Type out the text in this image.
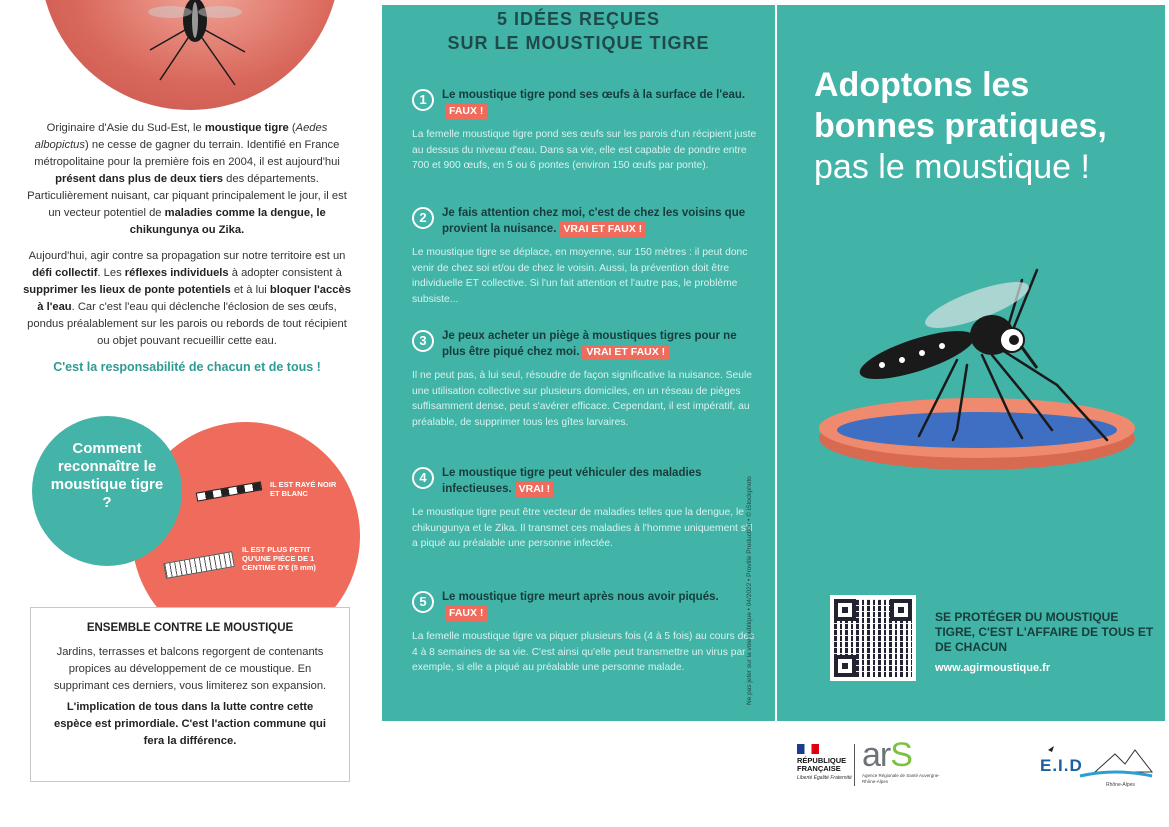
Originaire d'Asie du Sud-Est, le moustique tigre (Aedes albopictus) ne cesse de gagner du terrain. Identifié en France métropolitaine pour la première fois en 2004, il est aujourd'hui présent dans plus de deux tiers des départements. Particulièrement nuisant, car piquant principalement le jour, il est un vecteur potentiel de maladies comme la dengue, le chikungunya ou Zika.

Aujourd'hui, agir contre sa propagation sur notre territoire est un défi collectif. Les réflexes individuels à adopter consistent à supprimer les lieux de ponte potentiels et à lui bloquer l'accès à l'eau. Car c'est l'eau qui déclenche l'éclosion de ses œufs, pondus préalablement sur les parois ou rebords de tout récipient ou objet pouvant recueillir cette eau.

C'est la responsabilité de chacun et de tous !

Comment reconnaître le moustique tigre ?
IL EST RAYÉ NOIR ET BLANC
IL EST PLUS PETIT QU'UNE PIÈCE DE 1 CENTIME D'€ (5 mm)
ENSEMBLE CONTRE LE MOUSTIQUE

Jardins, terrasses et balcons regorgent de contenants propices au développement de ce moustique. En supprimant ces derniers, vous limiterez son expansion.

L'implication de tous dans la lutte contre cette espèce est primordiale. C'est l'action commune qui fera la différence.

5 IDÉES REÇUES
SUR LE MOUSTIQUE TIGRE
1	Le moustique tigre pond ses œufs à la surface de l'eau.FAUX !
La femelle moustique tigre pond ses œufs sur les parois d'un récipient juste au dessus du niveau d'eau. Dans sa vie, elle est capable de pondre entre 700 et 900 œufs, en 5 ou 6 pontes (environ 150 œufs par ponte).
2	Je fais attention chez moi, c'est de chez les voisins que provient la nuisance. VRAI ET FAUX !
Le moustique tigre se déplace, en moyenne, sur 150 mètres : il peut donc venir de chez soi et/ou de chez le voisin. Aussi, la prévention doit être individuelle ET collective. Si l'un fait attention et l'autre pas, le problème subsiste...
3	Je peux acheter un piège à moustiques tigres pour ne plus être piqué chez moi. VRAI ET FAUX !
Il ne peut pas, à lui seul, résoudre de façon significative la nuisance. Seule une utilisation collective sur plusieurs domiciles, en un réseau de pièges suffisamment dense, peut s'avérer efficace. Cependant, il est impératif, au préalable, de supprimer tous les gîtes larvaires.
4	Le moustique tigre peut véhiculer des maladies infectieuses. VRAI !
Le moustique tigre peut être vecteur de maladies telles que la dengue, le chikungunya et le Zika. Il transmet ces maladies à l'homme uniquement s'il a piqué au préalable une personne infectée.
5	Le moustique tigre meurt après nous avoir piqués.FAUX !
La femelle moustique tigre va piquer plusieurs fois (4 à 5 fois) au cours des 4 à 8 semaines de sa vie. C'est ainsi qu'elle peut transmettre un virus par exemple, si elle a piqué au préalable une personne malade.	Ne pas jeter sur la voie publique • 04/2022 • Proville Production • © iStockphoto
Adoptons les
bonnes pratiques,
pas le moustique !
SE PROTÉGER DU MOUSTIQUE TIGRE, C'EST L'AFFAIRE DE TOUS ET DE CHACUN
www.agirmoustique.fr
RÉPUBLIQUE FRANÇAISE
Liberté Égalité Fraternité
arS
Agence Régionale de Santé Auvergne-Rhône-Alpes
E.I.D
Rhône-Alpes
